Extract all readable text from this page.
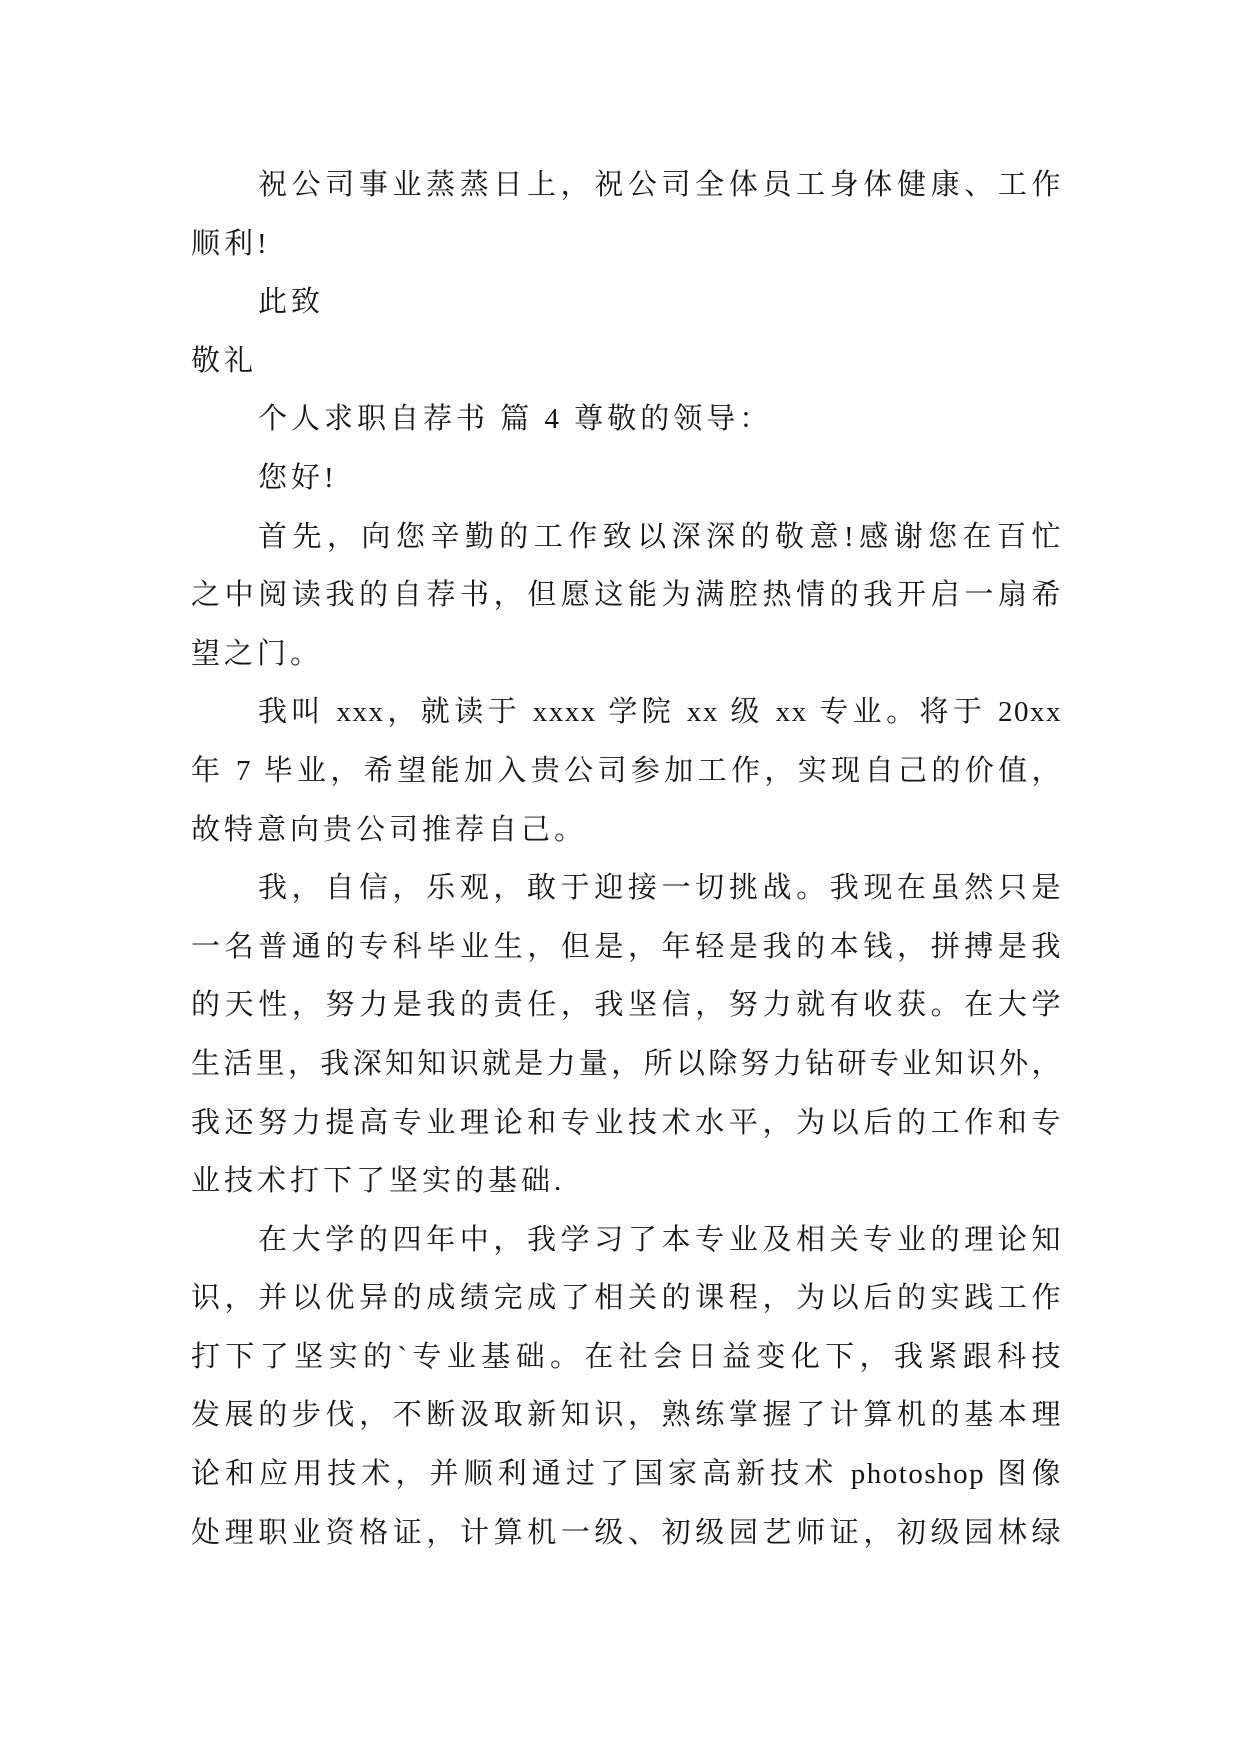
祝公司事业蒸蒸日上，祝公司全体员工身体健康、工作
顺利!
此致
敬礼
个人求职自荐书 篇 4 尊敬的领导：
您好!
首先，向您辛勤的工作致以深深的敬意!感谢您在百忙
之中阅读我的自荐书，但愿这能为满腔热情的我开启一扇希
望之门。
我叫 xxx，就读于 xxxx 学院 xx 级 xx 专业。将于 20xx
年 7 毕业，希望能加入贵公司参加工作，实现自己的价值，
故特意向贵公司推荐自己。
我，自信，乐观，敢于迎接一切挑战。我现在虽然只是
一名普通的专科毕业生，但是，年轻是我的本钱，拼搏是我
的天性，努力是我的责任，我坚信，努力就有收获。在大学
生活里，我深知知识就是力量，所以除努力钻研专业知识外，
我还努力提高专业理论和专业技术水平，为以后的工作和专
业技术打下了坚实的基础.
在大学的四年中，我学习了本专业及相关专业的理论知
识，并以优异的成绩完成了相关的课程，为以后的实践工作
打下了坚实的`专业基础。在社会日益变化下，我紧跟科技
发展的步伐，不断汲取新知识，熟练掌握了计算机的基本理
论和应用技术，并顺利通过了国家高新技术 photoshop 图像
处理职业资格证，计算机一级、初级园艺师证，初级园林绿
